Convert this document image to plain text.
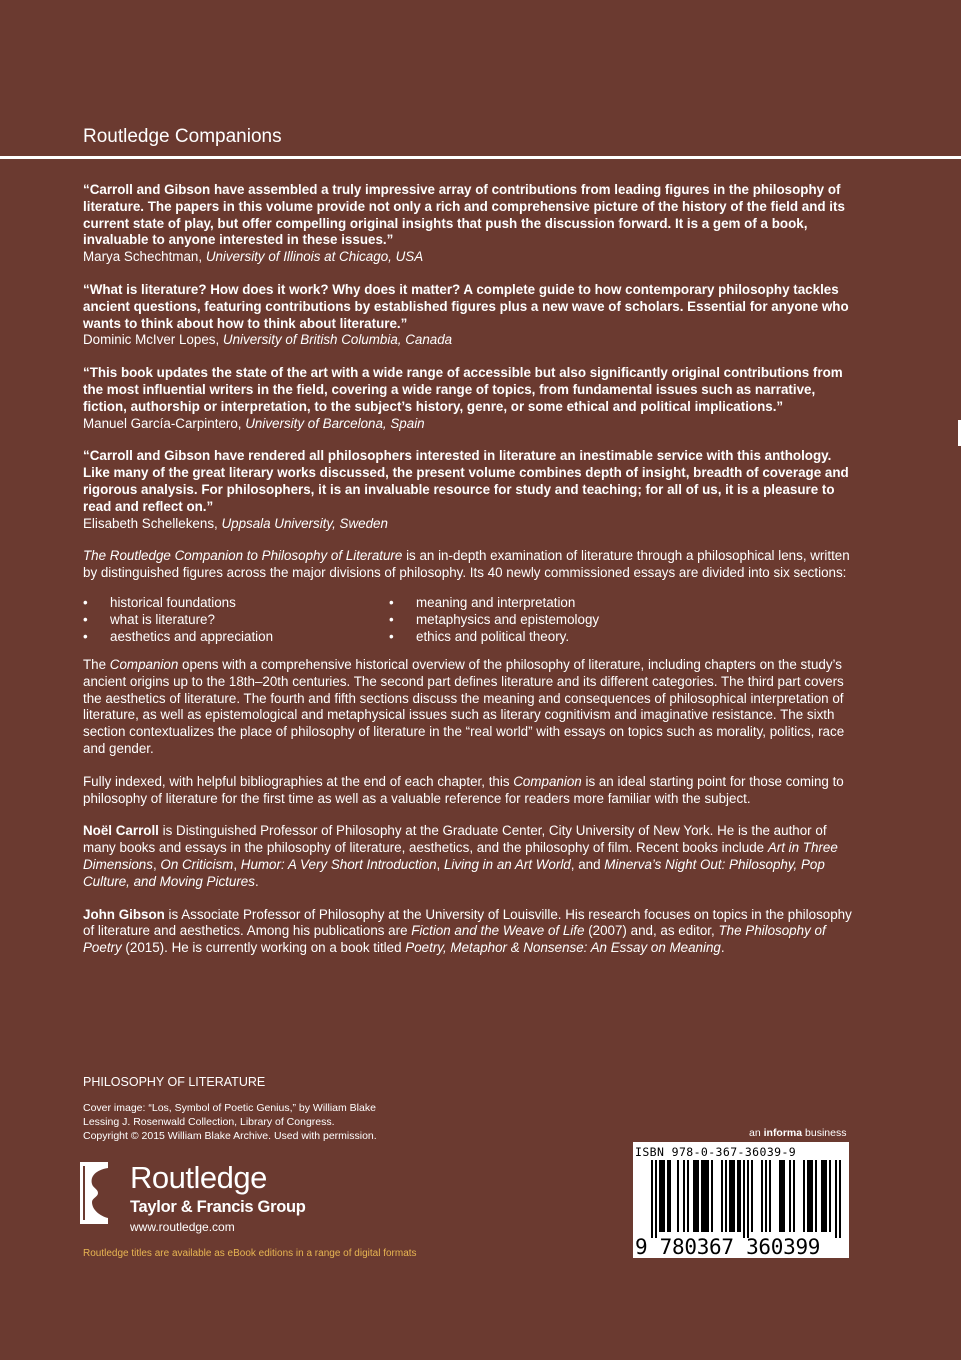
Routledge Companions
“Carroll and Gibson have assembled a truly impressive array of contributions from leading figures in the philosophy of literature. The papers in this volume provide not only a rich and comprehensive picture of the history of the field and its current state of play, but offer compelling original insights that push the discussion forward. It is a gem of a book, invaluable to anyone interested in these issues.”
Marya Schechtman, University of Illinois at Chicago, USA
“What is literature? How does it work? Why does it matter? A complete guide to how contemporary philosophy tackles ancient questions, featuring contributions by established figures plus a new wave of scholars. Essential for anyone who wants to think about how to think about literature.”
Dominic McIver Lopes, University of British Columbia, Canada
“This book updates the state of the art with a wide range of accessible but also significantly original contributions from the most influential writers in the field, covering a wide range of topics, from fundamental issues such as narrative, fiction, authorship or interpretation, to the subject’s history, genre, or some ethical and political implications.”
Manuel García-Carpintero, University of Barcelona, Spain
“Carroll and Gibson have rendered all philosophers interested in literature an inestimable service with this anthology. Like many of the great literary works discussed, the present volume combines depth of insight, breadth of coverage and rigorous analysis. For philosophers, it is an invaluable resource for study and teaching; for all of us, it is a pleasure to read and reflect on.”
Elisabeth Schellekens, Uppsala University, Sweden

The Routledge Companion to Philosophy of Literature is an in-depth examination of literature through a philosophical lens, written by distinguished figures across the major divisions of philosophy. Its 40 newly commissioned essays are divided into six sections:

• historical foundations
• what is literature?
• aesthetics and appreciation
• meaning and interpretation
• metaphysics and epistemology
• ethics and political theory.

The Companion opens with a comprehensive historical overview of the philosophy of literature, including chapters on the study’s ancient origins up to the 18th–20th centuries. The second part defines literature and its different categories. The third part covers the aesthetics of literature. The fourth and fifth sections discuss the meaning and consequences of philosophical interpretation of literature, as well as epistemological and metaphysical issues such as literary cognitivism and imaginative resistance. The sixth section contextualizes the place of philosophy of literature in the “real world” with essays on topics such as morality, politics, race and gender.

Fully indexed, with helpful bibliographies at the end of each chapter, this Companion is an ideal starting point for those coming to philosophy of literature for the first time as well as a valuable reference for readers more familiar with the subject.

Noël Carroll is Distinguished Professor of Philosophy at the Graduate Center, City University of New York. He is the author of many books and essays in the philosophy of literature, aesthetics, and the philosophy of film. Recent books include Art in Three Dimensions, On Criticism, Humor: A Very Short Introduction, Living in an Art World, and Minerva’s Night Out: Philosophy, Pop Culture, and Moving Pictures.

John Gibson is Associate Professor of Philosophy at the University of Louisville. His research focuses on topics in the philosophy of literature and aesthetics. Among his publications are Fiction and the Weave of Life (2007) and, as editor, The Philosophy of Poetry (2015). He is currently working on a book titled Poetry, Metaphor & Nonsense: An Essay on Meaning.

PHILOSOPHY OF LITERATURE
Cover image: “Los, Symbol of Poetic Genius,” by William Blake
Lessing J. Rosenwald Collection, Library of Congress.
Copyright © 2015 William Blake Archive. Used with permission.
Routledge
Taylor & Francis Group
www.routledge.com
Routledge titles are available as eBook editions in a range of digital formats
an informa business
ISBN 978-0-367-36039-9
9 780367 360399
